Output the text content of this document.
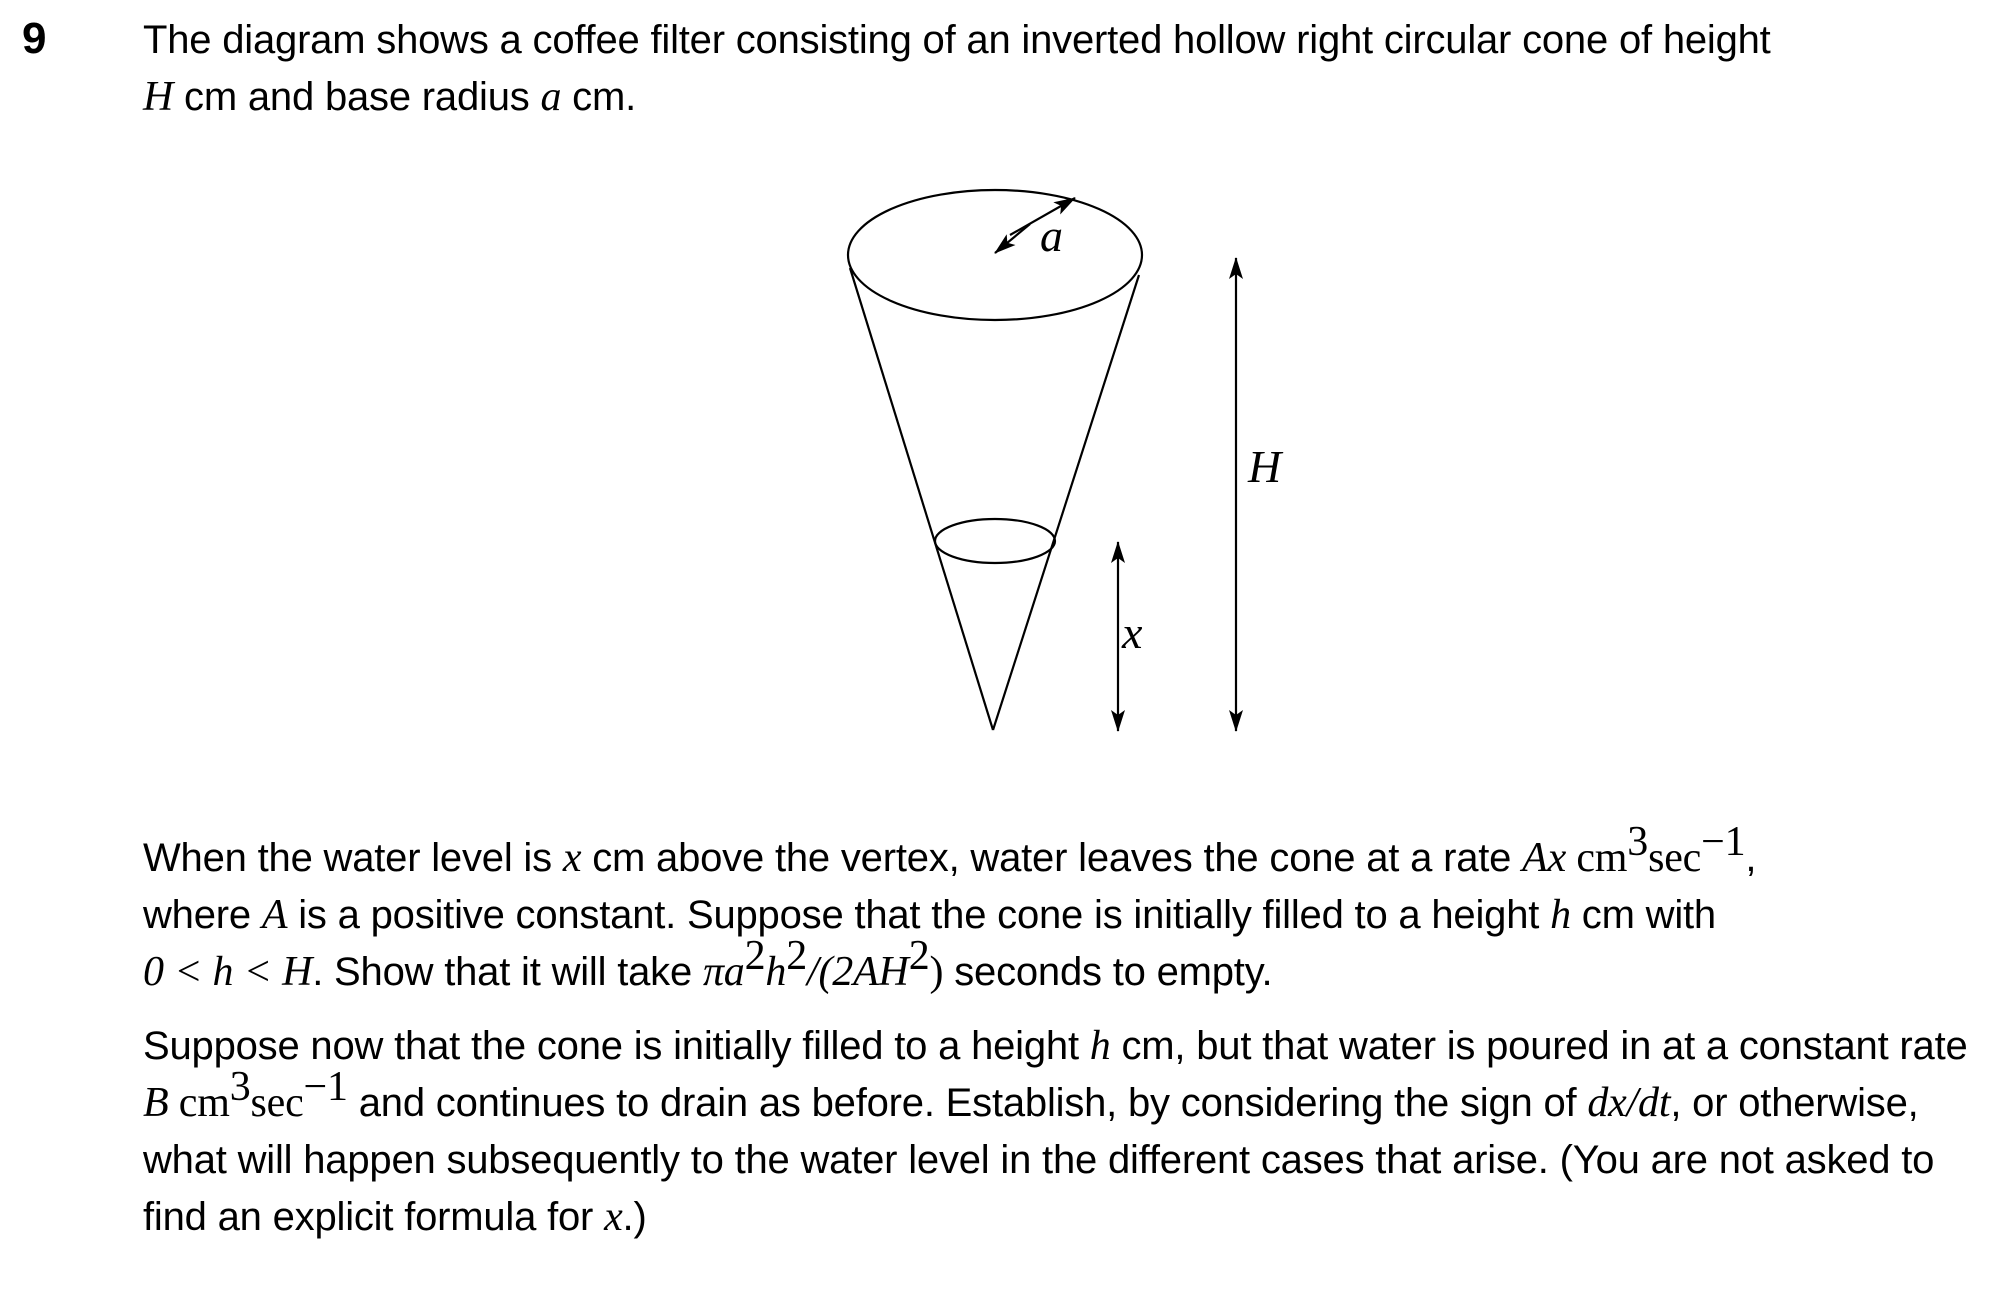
9 The diagram shows a coffee filter consisting of an inverted hollow right circular cone of height
H cm and base radius a cm.
a
H
x
When the water level is x cm above the vertex, water leaves the cone at a rate Ax $cm^3\sec^{-1}$,
where A is a positive constant. Suppose that the cone is initially filled to a height h cm with
0 < h < H. Show that it will take $\pi a^2h^2/(2AH^2)$ seconds to empty.
Suppose now that the cone is initially filled to a height h cm, but that water is poured in at a constant rate B $cm^3\sec^{-1}$ and continues to drain as before. Establish, by considering the sign of dx/dt, or otherwise, what will happen subsequently to the water level in the different cases that arise. (You are not asked to find an explicit formula for x.)
